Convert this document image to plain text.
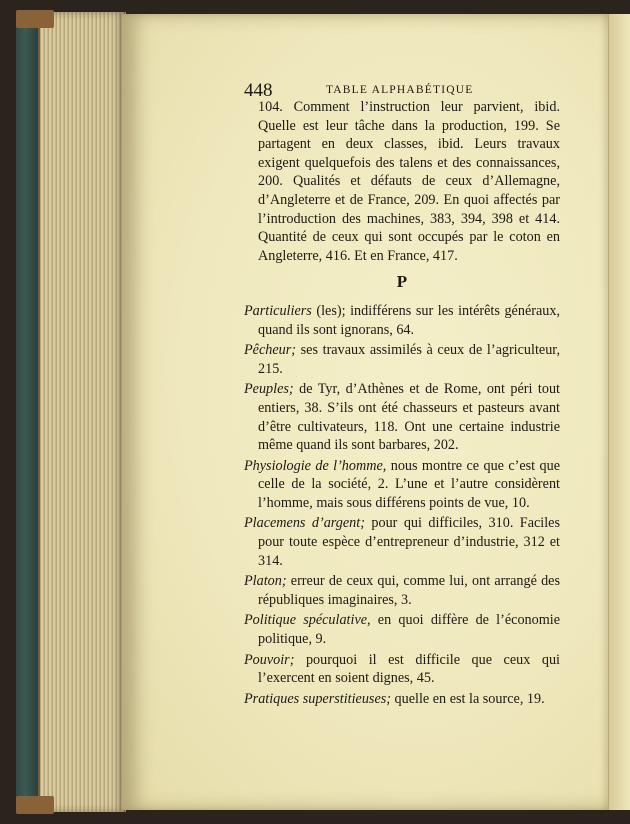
448	TABLE ALPHABÉTIQUE

104. Comment l’instruction leur parvient, ibid. Quelle est leur tâche dans la production, 199. Se partagent en deux classes, ibid. Leurs travaux exigent quelquefois des talens et des connaissances, 200. Qualités et défauts de ceux d’Allemagne, d’Angleterre et de France, 209. En quoi affectés par l’introduction des machines, 383, 394, 398 et 414. Quantité de ceux qui sont occupés par le coton en Angleterre, 416. Et en France, 417.

P

Particuliers (les); indifférens sur les intérêts généraux, quand ils sont ignorans, 64.

Pêcheur; ses travaux assimilés à ceux de l’agriculteur, 215.

Peuples; de Tyr, d’Athènes et de Rome, ont péri tout entiers, 38. S’ils ont été chasseurs et pasteurs avant d’être cultivateurs, 118. Ont une certaine industrie même quand ils sont barbares, 202.

Physiologie de l’homme, nous montre ce que c’est que celle de la société, 2. L’une et l’autre considèrent l’homme, mais sous différens points de vue, 10.

Placemens d’argent; pour qui difficiles, 310. Faciles pour toute espèce d’entrepreneur d’industrie, 312 et 314.

Platon; erreur de ceux qui, comme lui, ont arrangé des républiques imaginaires, 3.

Politique spéculative, en quoi diffère de l’économie politique, 9.

Pouvoir; pourquoi il est difficile que ceux qui l’exercent en soient dignes, 45.

Pratiques superstitieuses; quelle en est la source, 19.
